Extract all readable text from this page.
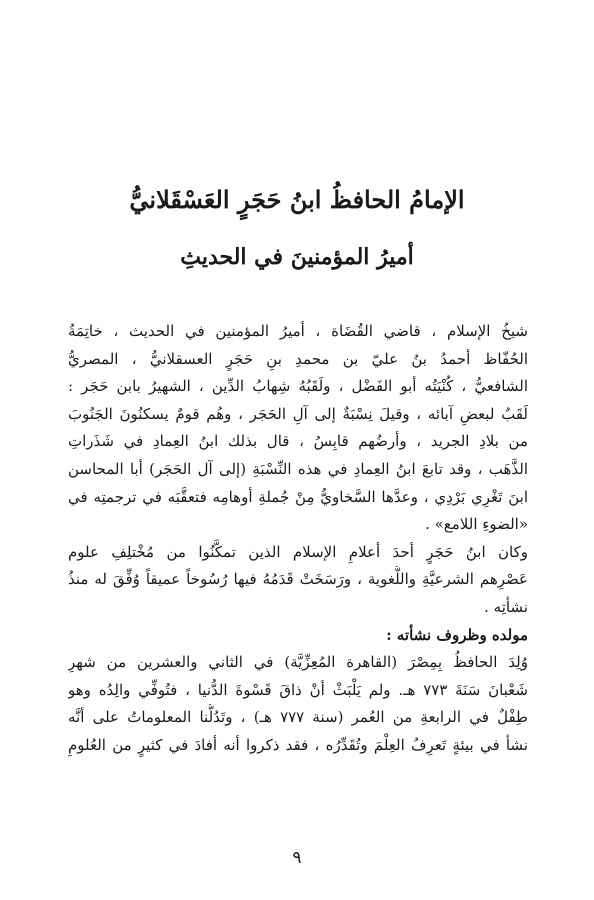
الإمامُ الحافظُ ابنُ حَجَرٍ العَسْقَلانيُّ
أميرُ المؤمنينَ في الحديثِ
شيخُ الإسلام ، قاضي القُضَاة ، أميرُ المؤمنين في الحديث ، خاتِمَةُ
الحُفّاظ أحمدُ بنُ عليّ بن محمدِ بنِ حَجَرٍ العسقلانيُّ ، المصريُّ
الشافعيُّ ، كُنْيَتُه أبو الفَضْل ، ولَقَبُهُ شِهابُ الدِّين ، الشهيرُ بابن حَجَر :
لَقَبٌ لبعضِ آبائه ، وقيلَ نِسْبَةٌ إلى آلِ الحَجَر ، وهُم قومٌ يسكنُونَ الجَنُوبَ
من بلادِ الجريد ، وأرضُهم قابِسُ ، قال بذلك ابنُ العِمادِ في شَذَراتِ
الذَّهَب ، وقد تابعَ ابنُ العِمادِ في هذه النِّسْبَةِ (إلى آل الحَجَر) أبا المحاسن
ابنَ تَغْرِي بَرْدِي ، وعدَّها السَّخاويُّ مِنْ جُملةِ أوهامِه فتعقَّبَه في ترجمتِه في
«الضوءِ اللامع» .
وكان ابنُ حَجَرٍ أحدَ أعلامِ الإسلام الذين تمكَّنُوا من مُخْتلِفِ علوم
عَصْرِهم الشرعيَّةِ واللُّغوية ، ورَسَخَتْ قَدَمُهُ فيها رُسُوخاً عميقاً وُفِّقَ له منذُ
نشأتِه .
مولده وظروف نشأته :
وُلِدَ الحافظُ بِمِصْرَ (القاهرة المُعِزِّيَّة) في الثاني والعشرين من شهرِ
شَعْبانَ سَنَةَ ٧٧٣ هـ. ولم يَلْبَثْ أنْ ذاقَ قَسْوةَ الدُّنيا ، فتُوفِّي والِدُه وهو
طِفْلٌ في الرابعةِ من العُمر (سنة ٧٧٧ هـ) ، وتَدُلُّنا المعلوماتُ على أنَّه
نشأ في بيئةٍ تَعرِفُ العِلْمَ وتُقَدِّرُه ، فقد ذكروا أنه أفادَ في كثيرٍ من العُلومِ
٩
